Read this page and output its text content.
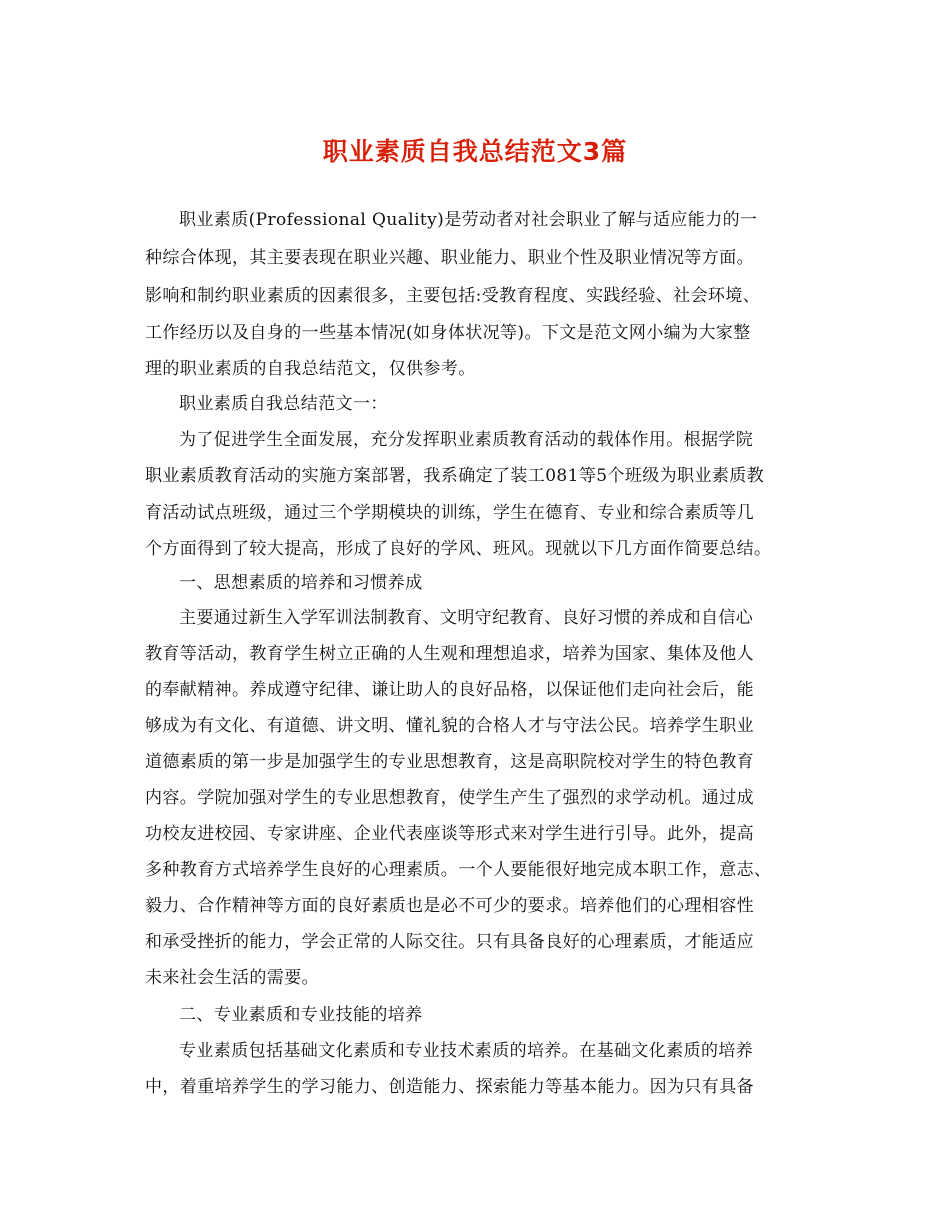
职业素质自我总结范文3篇
职业素质(Professional Quality)是劳动者对社会职业了解与适应能力的一
种综合体现，其主要表现在职业兴趣、职业能力、职业个性及职业情况等方面。
影响和制约职业素质的因素很多，主要包括:受教育程度、实践经验、社会环境、
工作经历以及自身的一些基本情况(如身体状况等)。下文是范文网小编为大家整
理的职业素质的自我总结范文，仅供参考。
职业素质自我总结范文一：
为了促进学生全面发展，充分发挥职业素质教育活动的载体作用。根据学院
职业素质教育活动的实施方案部署，我系确定了装工081等5个班级为职业素质教
育活动试点班级，通过三个学期模块的训练，学生在德育、专业和综合素质等几
个方面得到了较大提高，形成了良好的学风、班风。现就以下几方面作简要总结。
一、思想素质的培养和习惯养成
主要通过新生入学军训法制教育、文明守纪教育、良好习惯的养成和自信心
教育等活动，教育学生树立正确的人生观和理想追求，培养为国家、集体及他人
的奉献精神。养成遵守纪律、谦让助人的良好品格，以保证他们走向社会后，能
够成为有文化、有道德、讲文明、懂礼貌的合格人才与守法公民。培养学生职业
道德素质的第一步是加强学生的专业思想教育，这是高职院校对学生的特色教育
内容。学院加强对学生的专业思想教育，使学生产生了强烈的求学动机。通过成
功校友进校园、专家讲座、企业代表座谈等形式来对学生进行引导。此外，提高
多种教育方式培养学生良好的心理素质。一个人要能很好地完成本职工作，意志、
毅力、合作精神等方面的良好素质也是必不可少的要求。培养他们的心理相容性
和承受挫折的能力，学会正常的人际交往。只有具备良好的心理素质，才能适应
未来社会生活的需要。
二、专业素质和专业技能的培养
专业素质包括基础文化素质和专业技术素质的培养。在基础文化素质的培养
中，着重培养学生的学习能力、创造能力、探索能力等基本能力。因为只有具备
